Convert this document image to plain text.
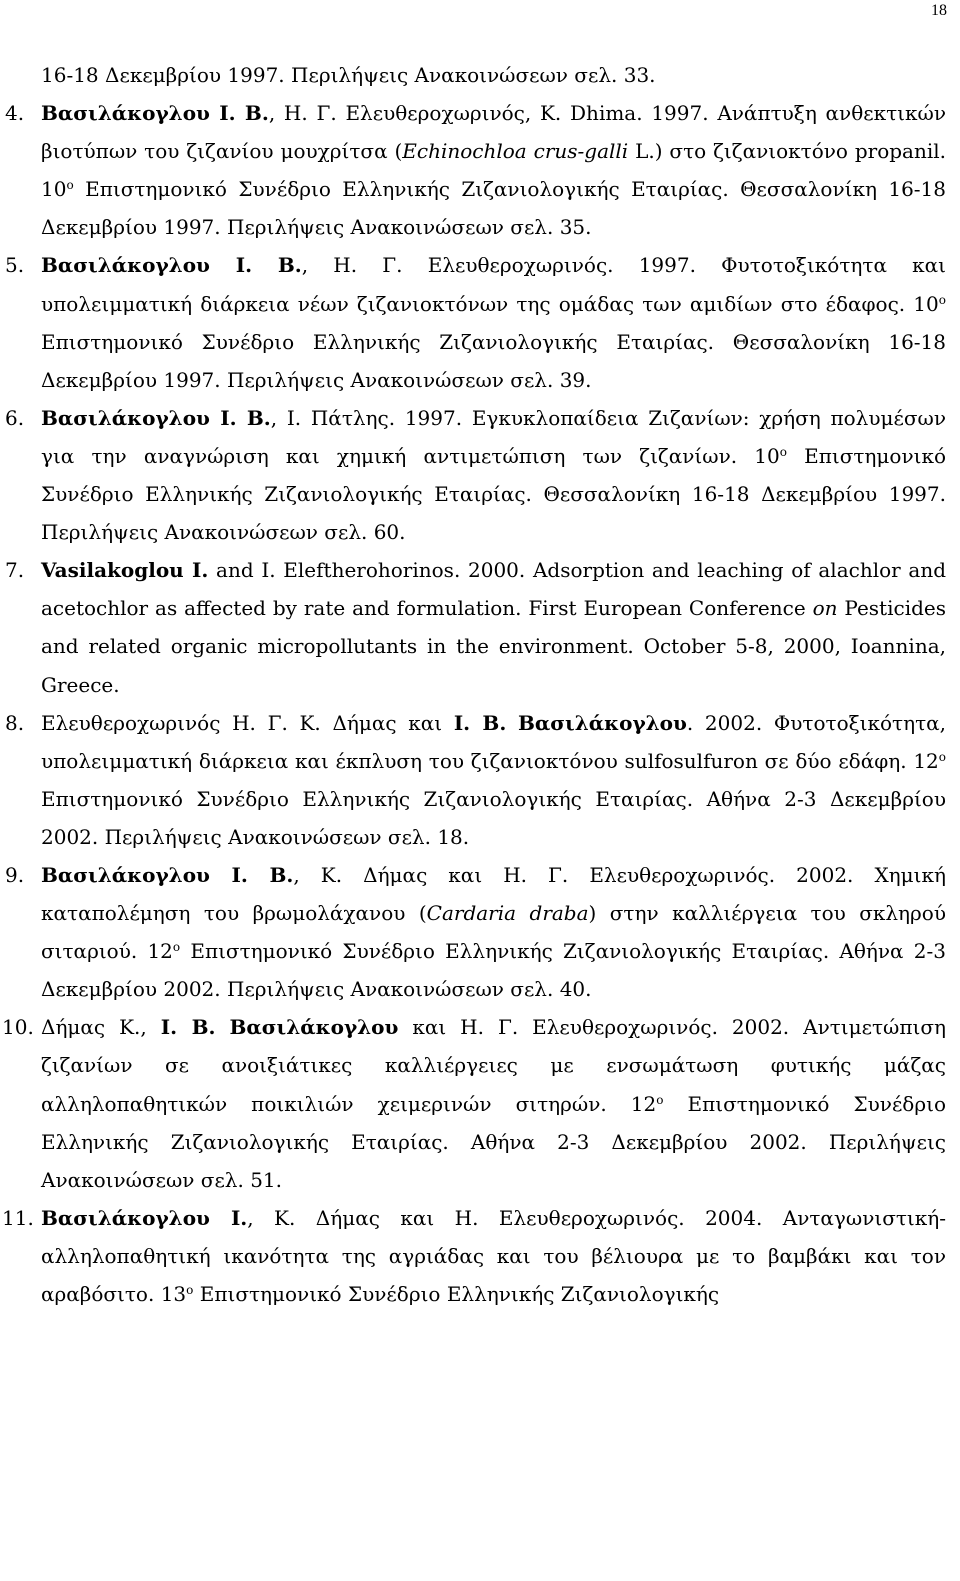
18
16-18 Δεκεμβρίου 1997. Περιλήψεις Ανακοινώσεων σελ. 33.
4. Βασιλάκογλου Ι. Β., Η. Γ. Ελευθεροχωρινός, Κ. Dhima. 1997. Ανάπτυξη ανθεκτικών βιοτύπων του ζιζανίου μουχρίτσα (Echinochloa crus-galli L.) στο ζιζανιοκτόνο propanil. $10^o$ Επιστημονικό Συνέδριο Ελληνικής Ζιζανιολογικής Εταιρίας. Θεσσαλονίκη 16-18 Δεκεμβρίου 1997. Περιλήψεις Ανακοινώσεων σελ. 35.
5. Βασιλάκογλου Ι. Β., Η. Γ. Ελευθεροχωρινός. 1997. Φυτοτοξικότητα και υπολειμματική διάρκεια νέων ζιζανιοκτόνων της ομάδας των αμιδίων στο έδαφος. $10^o$ Επιστημονικό Συνέδριο Ελληνικής Ζιζανιολογικής Εταιρίας. Θεσσαλονίκη 16-18 Δεκεμβρίου 1997. Περιλήψεις Ανακοινώσεων σελ. 39.
6. Βασιλάκογλου Ι. Β., Ι. Πάτλης. 1997. Εγκυκλοπαίδεια Ζιζανίων: χρήση πολυμέσων για την αναγνώριση και χημική αντιμετώπιση των ζιζανίων. $10^o$ Επιστημονικό Συνέδριο Ελληνικής Ζιζανιολογικής Εταιρίας. Θεσσαλονίκη 16-18 Δεκεμβρίου 1997. Περιλήψεις Ανακοινώσεων σελ. 60.
7. Vasilakoglou I. and I. Eleftherohorinos. 2000. Adsorption and leaching of alachlor and acetochlor as affected by rate and formulation. First European Conference on Pesticides and related organic micropollutants in the environment. October 5-8, 2000, Ioannina, Greece.
8. Ελευθεροχωρινός Η. Γ. Κ. Δήμας και Ι. Β. Βασιλάκογλου. 2002. Φυτοτοξικότητα, υπολειμματική διάρκεια και έκπλυση του ζιζανιοκτόνου sulfosulfuron σε δύο εδάφη. $12^o$ Επιστημονικό Συνέδριο Ελληνικής Ζιζανιολογικής Εταιρίας. Αθήνα 2-3 Δεκεμβρίου 2002. Περιλήψεις Ανακοινώσεων σελ. 18.
9. Βασιλάκογλου Ι. Β., Κ. Δήμας και Η. Γ. Ελευθεροχωρινός. 2002. Χημική καταπολέμηση του βρωμολάχανου (Cardaria draba) στην καλλιέργεια του σκληρού σιταριού. $12^o$ Επιστημονικό Συνέδριο Ελληνικής Ζιζανιολογικής Εταιρίας. Αθήνα 2-3 Δεκεμβρίου 2002. Περιλήψεις Ανακοινώσεων σελ. 40.
10. Δήμας Κ., Ι. Β. Βασιλάκογλου και Η. Γ. Ελευθεροχωρινός. 2002. Αντιμετώπιση ζιζανίων σε ανοιξιάτικες καλλιέργειες με ενσωμάτωση φυτικής μάζας αλληλοπαθητικών ποικιλιών χειμερινών σιτηρών. $12^o$ Επιστημονικό Συνέδριο Ελληνικής Ζιζανιολογικής Εταιρίας. Αθήνα 2-3 Δεκεμβρίου 2002. Περιλήψεις Ανακοινώσεων σελ. 51.
11. Βασιλάκογλου Ι., Κ. Δήμας και Η. Ελευθεροχωρινός. 2004. Ανταγωνιστική-αλληλοπαθητική ικανότητα της αγριάδας και του βέλιουρα με το βαμβάκι και τον αραβόσιτο. $13^o$ Επιστημονικό Συνέδριο Ελληνικής Ζιζανιολογικής
